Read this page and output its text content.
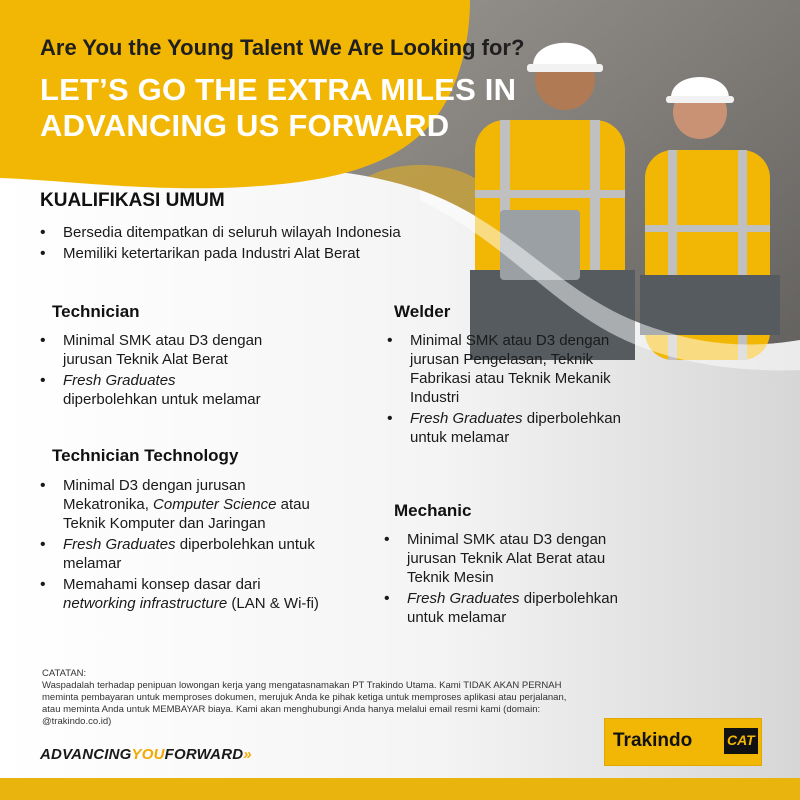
Are You the Young Talent We Are Looking for?
LET’S GO THE EXTRA MILES IN
ADVANCING US FORWARD
KUALIFIKASI UMUM
• Bersedia ditempatkan di seluruh wilayah Indonesia
• Memiliki ketertarikan pada Industri Alat Berat
Technician
• Minimal SMK atau D3 dengan jurusan Teknik Alat Berat
• Fresh Graduates
diperbolehkan untuk melamar
Technician Technology
• Minimal D3 dengan jurusan Mekatronika, Computer Science atau Teknik Komputer dan Jaringan
• Fresh Graduates diperbolehkan untuk melamar
• Memahami konsep dasar dari networking infrastructure (LAN & Wi-fi)
Welder
• Minimal SMK atau D3 dengan jurusan Pengelasan, Teknik Fabrikasi atau Teknik Mekanik Industri
• Fresh Graduates diperbolehkan untuk melamar
Mechanic
• Minimal SMK atau D3 dengan jurusan Teknik Alat Berat atau Teknik Mesin
• Fresh Graduates diperbolehkan untuk melamar
CATATAN:
Waspadalah terhadap penipuan lowongan kerja yang mengatasnamakan PT Trakindo Utama. Kami TIDAK AKAN PERNAH meminta pembayaran untuk memproses dokumen, merujuk Anda ke pihak ketiga untuk memproses aplikasi atau perjalanan, atau meminta Anda untuk MEMBAYAR biaya. Kami akan menghubungi Anda hanya melalui email resmi kami (domain: @trakindo.co.id)
ADVANCINGYOUFORWARD»
Trakindo CAT
